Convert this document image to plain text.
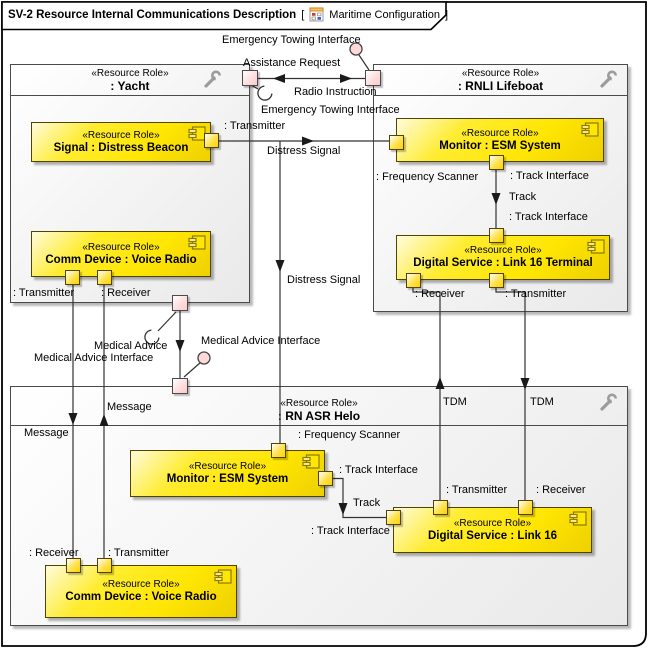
«Resource Role»
: Yacht
«Resource Role»
: RNLI Lifeboat
«Resource Role»
: RN ASR Helo
«Resource Role»
Signal : Distress Beacon
«Resource Role»
Comm Device : Voice Radio
«Resource Role»
Monitor : ESM System
«Resource Role»
Digital Service : Link 16 Terminal
«Resource Role»
Monitor : ESM System
«Resource Role»
Digital Service : Link 16
«Resource Role»
Comm Device : Voice Radio
Emergency Towing Interface
Assistance Request
Radio Instruction
Emergency Towing Interface
: Transmitter
Distress Signal
: Frequency Scanner	: Track Interface
Track
: Track Interface
Distress Signal
: Receiver	: Transmitter
: Transmitter : Receiver
Medical Advice
Medical Advice Interface
Medical Advice Interface
Message
Message
TDM	TDM
: Frequency Scanner
: Track Interface
Track
: Track Interface
: Transmitter	: Receiver
: Receiver	: Transmitter
SV-2 Resource Internal Communications Description [ Maritime Configuration ]
